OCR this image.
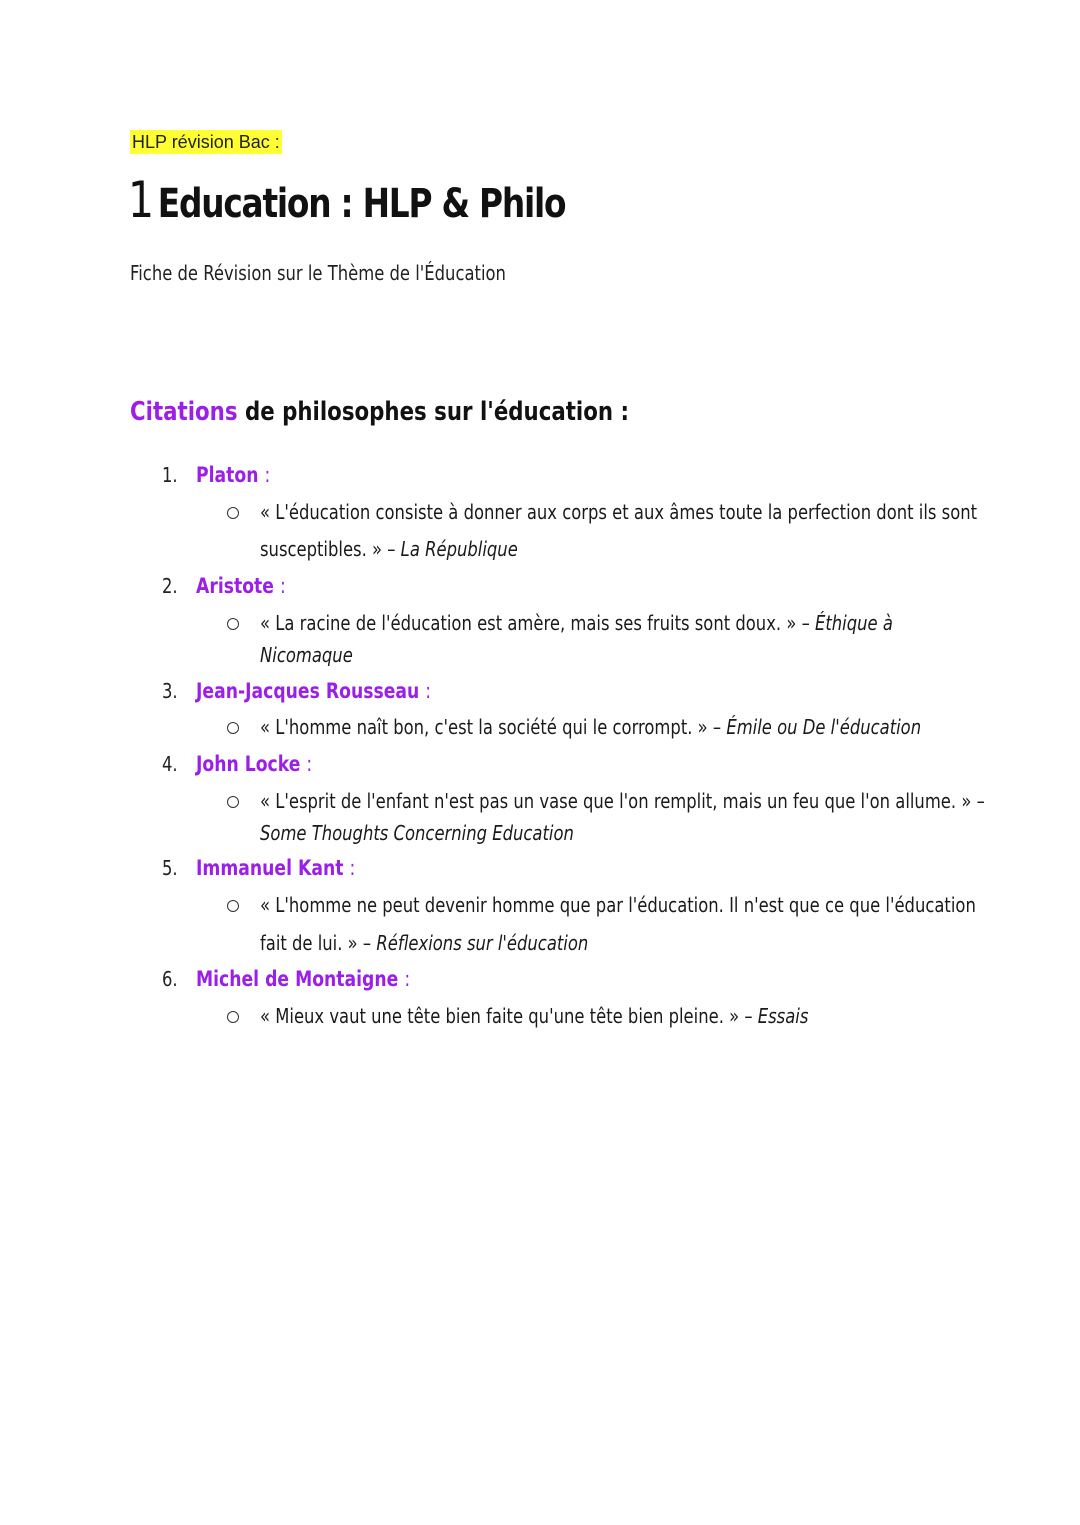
HLP révision Bac :
1 Education : HLP & Philo
Fiche de Révision sur le Thème de l'Éducation
Citations de philosophes sur l'éducation :
1. Platon :
« L'éducation consiste à donner aux corps et aux âmes toute la perfection dont ils sont
susceptibles. » – La République
2. Aristote :
« La racine de l'éducation est amère, mais ses fruits sont doux. » – Éthique à
Nicomaque
3. Jean-Jacques Rousseau :
« L'homme naît bon, c'est la société qui le corrompt. » – Émile ou De l'éducation
4. John Locke :
« L'esprit de l'enfant n'est pas un vase que l'on remplit, mais un feu que l'on allume. » –
Some Thoughts Concerning Education
5. Immanuel Kant :
« L'homme ne peut devenir homme que par l'éducation. Il n'est que ce que l'éducation
fait de lui. » – Réflexions sur l'éducation
6. Michel de Montaigne :
« Mieux vaut une tête bien faite qu'une tête bien pleine. » – Essais
